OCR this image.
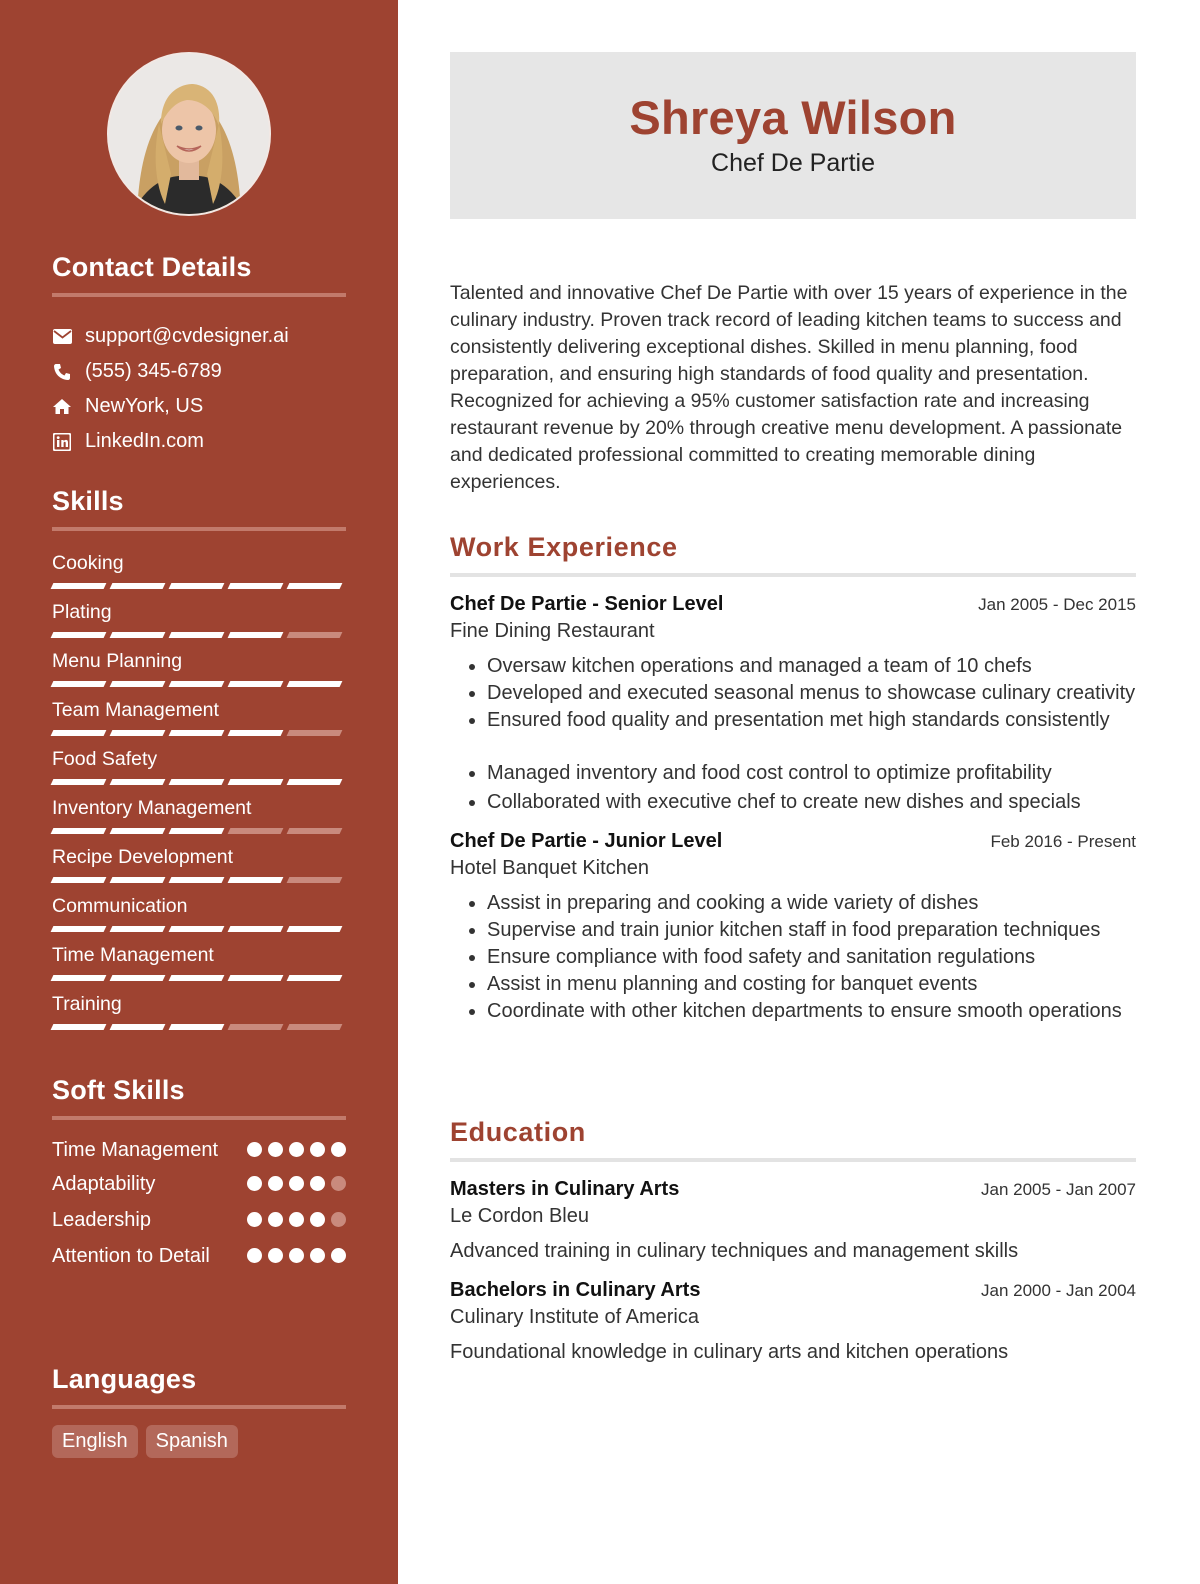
Contact Details
support@cvdesigner.ai
(555) 345-6789
NewYork, US
LinkedIn.com
Skills
Cooking
Plating
Menu Planning
Team Management
Food Safety
Inventory Management
Recipe Development
Communication
Time Management
Training
Soft Skills
Time Management
Adaptability
Leadership
Attention to Detail
Languages
English	Spanish
Shreya Wilson
Chef De Partie

Talented and innovative Chef De Partie with over 15 years of experience in the culinary industry. Proven track record of leading kitchen teams to success and consistently delivering exceptional dishes. Skilled in menu planning, food preparation, and ensuring high standards of food quality and presentation. Recognized for achieving a 95% customer satisfaction rate and increasing restaurant revenue by 20% through creative menu development. A passionate and dedicated professional committed to creating memorable dining experiences.

Work Experience
Chef De Partie - Senior Level	Jan 2005 - Dec 2015
Fine Dining Restaurant
• Oversaw kitchen operations and managed a team of 10 chefs
• Developed and executed seasonal menus to showcase culinary creativity
• Ensured food quality and presentation met high standards consistently
• Managed inventory and food cost control to optimize profitability
• Collaborated with executive chef to create new dishes and specials
Chef De Partie - Junior Level	Feb 2016 - Present
Hotel Banquet Kitchen
• Assist in preparing and cooking a wide variety of dishes
• Supervise and train junior kitchen staff in food preparation techniques
• Ensure compliance with food safety and sanitation regulations
• Assist in menu planning and costing for banquet events
• Coordinate with other kitchen departments to ensure smooth operations
Education
Masters in Culinary Arts	Jan 2005 - Jan 2007
Le Cordon Bleu
Advanced training in culinary techniques and management skills
Bachelors in Culinary Arts	Jan 2000 - Jan 2004
Culinary Institute of America
Foundational knowledge in culinary arts and kitchen operations
